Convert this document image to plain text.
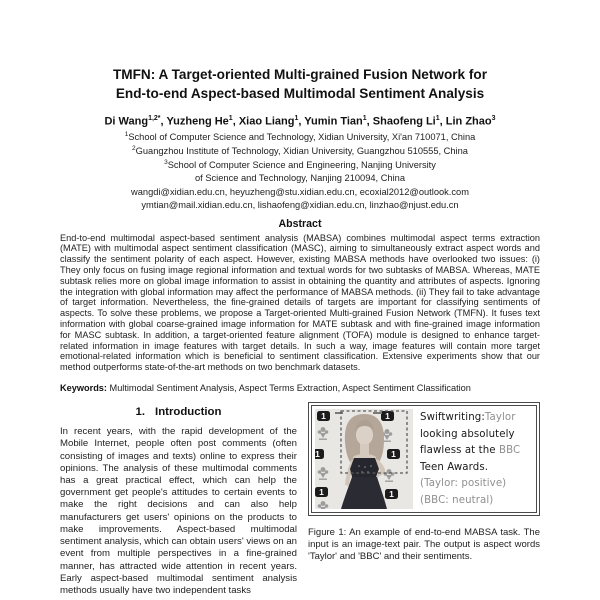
TMFN: A Target-oriented Multi-grained Fusion Network for
End-to-end Aspect-based Multimodal Sentiment Analysis
Di Wang$^{1,2*}$, Yuzheng He$^1$, Xiao Liang$^1$, Yumin Tian$^1$, Shaofeng Li$^1$, Lin Zhao$^3$
$^1$School of Computer Science and Technology, Xidian University, Xi'an 710071, China
$^2$Guangzhou Institute of Technology, Xidian University, Guangzhou 510555, China
$^3$School of Computer Science and Engineering, Nanjing University
of Science and Technology, Nanjing 210094, China
wangdi@xidian.edu.cn, heyuzheng@stu.xidian.edu.cn, ecoxial2012@outlook.com
ymtian@mail.xidian.edu.cn, lishaofeng@xidian.edu.cn, linzhao@njust.edu.cn
Abstract
End-to-end multimodal aspect-based sentiment analysis (MABSA) combines multimodal aspect terms extraction (MATE) with multimodal aspect sentiment classification (MASC), aiming to simultaneously extract aspect words and classify the sentiment polarity of each aspect. However, existing MABSA methods have overlooked two issues: (i) They only focus on fusing image regional information and textual words for two subtasks of MABSA. Whereas, MATE subtask relies more on global image information to assist in obtaining the quantity and attributes of aspects. Ignoring the integration with global information may affect the performance of MABSA methods. (ii) They fail to take advantage of target information. Nevertheless, the fine-grained details of targets are important for classifying sentiments of aspects. To solve these problems, we propose a Target-oriented Multi-grained Fusion Network (TMFN). It fuses text information with global coarse-grained image information for MATE subtask and with fine-grained image information for MASC subtask. In addition, a target-oriented feature alignment (TOFA) module is designed to enhance target-related information in image features with target details. In such a way, image features will contain more target emotional-related information which is beneficial to sentiment classification. Extensive experiments show that our method outperforms state-of-the-art methods on two benchmark datasets.
Keywords: Multimodal Sentiment Analysis, Aspect Terms Extraction, Aspect Sentiment Classification
1. Introduction
In recent years, with the rapid development of the Mobile Internet, people often post comments (often consisting of images and texts) online to express their opinions. The analysis of these multimodal comments has a great practical effect, which can help the government get people's attitudes to certain events to make the right decisions and can also help manufacturers get users' opinions on the products to make improvements. Aspect-based multimodal sentiment analysis, which can obtain users' views on an event from multiple perspectives in a fine-grained manner, has attracted wide attention in recent years. Early aspect-based multimodal sentiment analysis methods usually have two independent tasks
Swiftwriting:Taylor
looking absolutely
flawless at the BBC
Teen Awards.
(Taylor: positive)
(BBC: neutral)
Figure 1: An example of end-to-end MABSA task. The input is an image-text pair. The output is aspect words 'Taylor' and 'BBC' and their sentiments.
